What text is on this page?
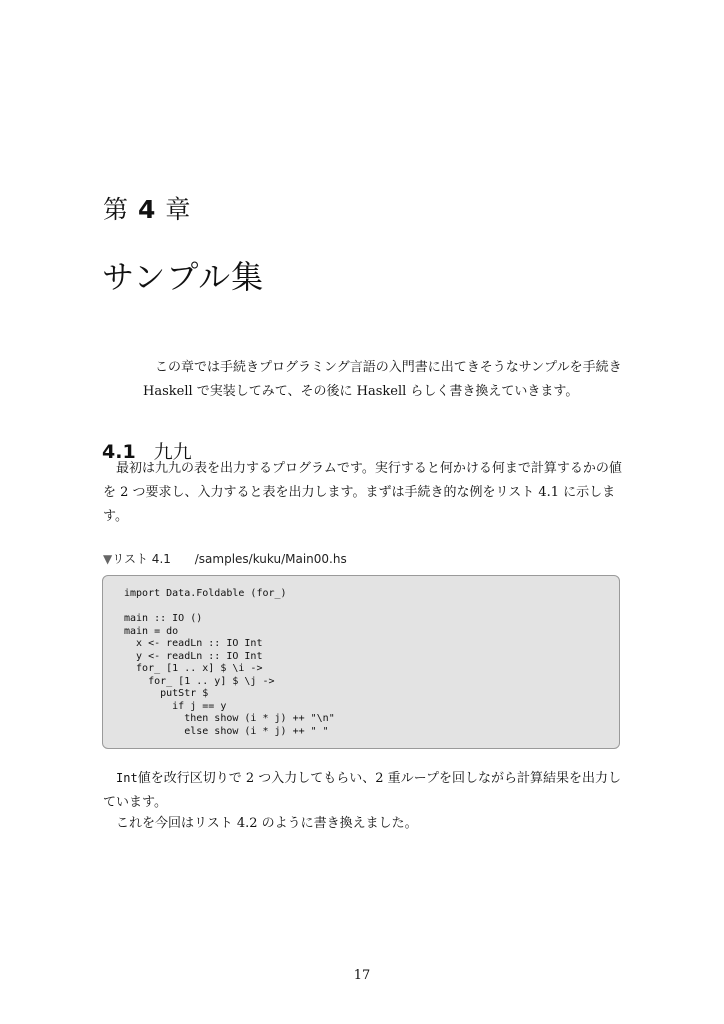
第 4 章
サンプル集
この章では手続きプログラミング言語の入門書に出てきそうなサンプルを手続き Haskell で実装してみて、その後に Haskell らしく書き換えていきます。
4.1 九九

最初は九九の表を出力するプログラムです。実行すると何かける何まで計算するかの値を 2 つ要求し、入力すると表を出力します。まずは手続き的な例をリスト 4.1 に示します。

▼リスト 4.1 /samples/kuku/Main00.hs
import Data.Foldable (for_)

main :: IO ()
main = do
x <- readLn :: IO Int
y <- readLn :: IO Int
for_ [1 .. x] $ \i ->
for_ [1 .. y] $ \j ->
putStr $
if j == y
then show (i * j) ++ "\n"
else show (i * j) ++ " "

Int値を改行区切りで 2 つ入力してもらい、2 重ループを回しながら計算結果を出力しています。

これを今回はリスト 4.2 のように書き換えました。

17
